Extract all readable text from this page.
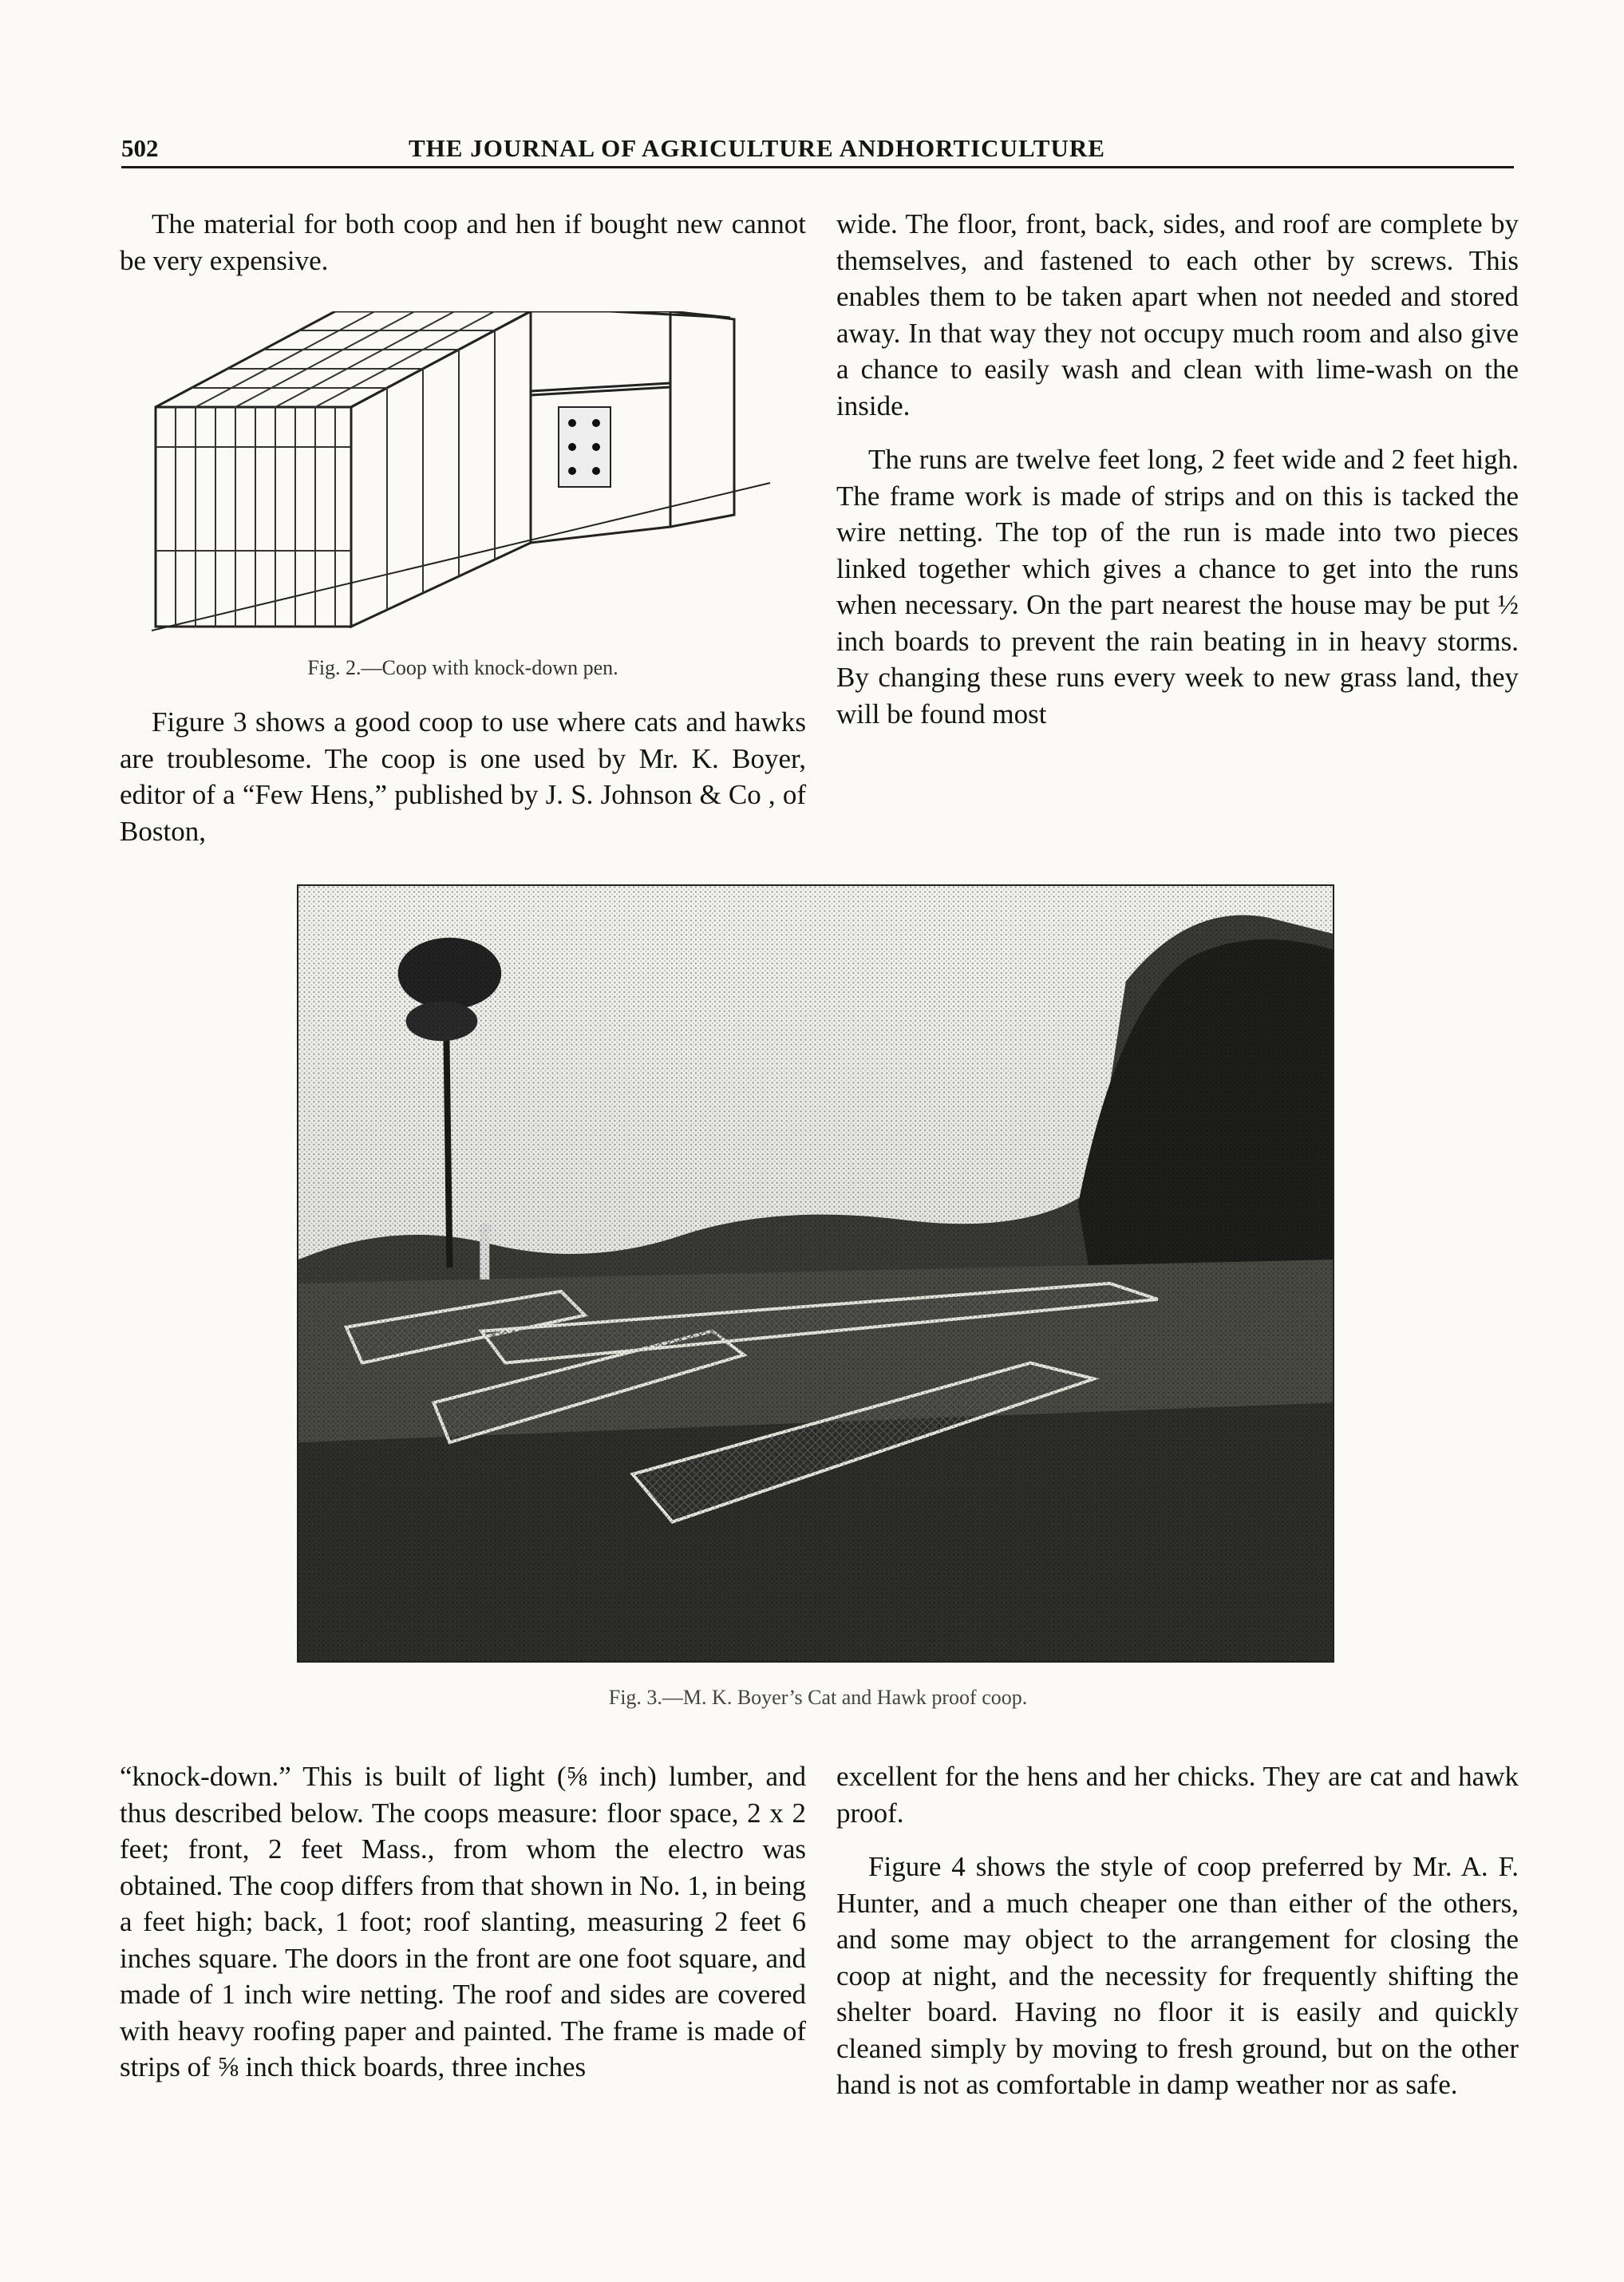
502	THE JOURNAL OF AGRICULTURE ANDHORTICULTURE

The material for both coop and hen if bought new cannot be very expensive.

Fig. 2.—Coop with knock-down pen.

Figure 3 shows a good coop to use where cats and hawks are troublesome. The coop is one used by Mr. K. Boyer, editor of a “Few Hens,” published by J. S. Johnson & Co , of Boston,

wide. The floor, front, back, sides, and roof are complete by themselves, and fastened to each other by screws. This enables them to be taken apart when not needed and stored away. In that way they not occupy much room and also give a chance to easily wash and clean with lime-wash on the inside.

The runs are twelve feet long, 2 feet wide and 2 feet high. The frame work is made of strips and on this is tacked the wire netting. The top of the run is made into two pieces linked together which gives a chance to get into the runs when necessary. On the part nearest the house may be put ½ inch boards to prevent the rain beating in in heavy storms. By changing these runs every week to new grass land, they will be found most

Fig. 3.—M. K. Boyer’s Cat and Hawk proof coop.

“knock-down.” This is built of light (⅝ inch) lumber, and thus described below. The coops measure: floor space, 2 x 2 feet; front, 2 feet Mass., from whom the electro was obtained. The coop differs from that shown in No. 1, in being a feet high; back, 1 foot; roof slanting, measuring 2 feet 6 inches square. The doors in the front are one foot square, and made of 1 inch wire netting. The roof and sides are covered with heavy roofing paper and painted. The frame is made of strips of ⅝ inch thick boards, three inches

excellent for the hens and her chicks. They are cat and hawk proof.

Figure 4 shows the style of coop preferred by Mr. A. F. Hunter, and a much cheaper one than either of the others, and some may object to the arrangement for closing the coop at night, and the necessity for frequently shifting the shelter board. Having no floor it is easily and quickly cleaned simply by moving to fresh ground, but on the other hand is not as comfortable in damp weather nor as safe.
